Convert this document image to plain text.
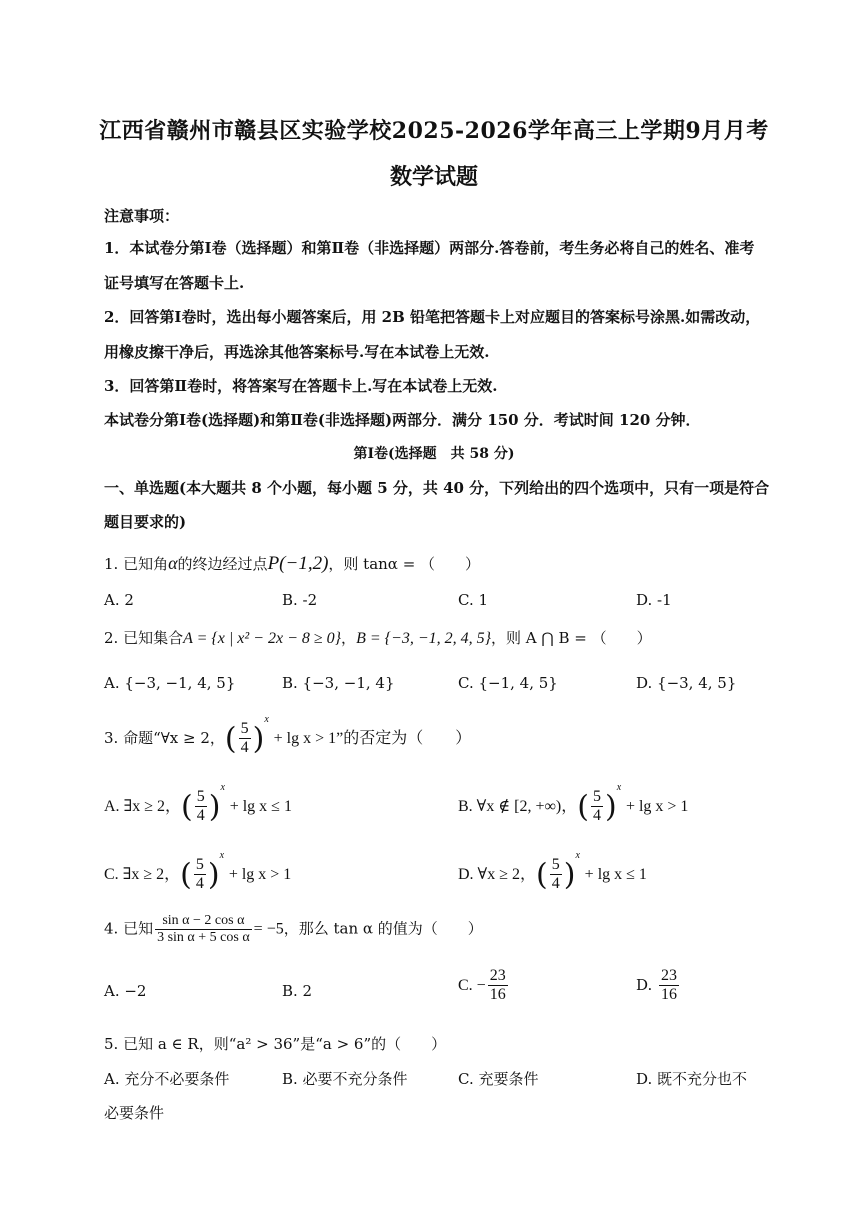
江西省赣州市赣县区实验学校2025-2026学年高三上学期9月月考
数学试题
注意事项：
1．本试卷分第Ⅰ卷（选择题）和第Ⅱ卷（非选择题）两部分.答卷前，考生务必将自己的姓名、准考
证号填写在答题卡上.
2．回答第Ⅰ卷时，选出每小题答案后，用 2B 铅笔把答题卡上对应题目的答案标号涂黑.如需改动，
用橡皮擦干净后，再选涂其他答案标号.写在本试卷上无效.
3．回答第Ⅱ卷时，将答案写在答题卡上.写在本试卷上无效.
本试卷分第Ⅰ卷(选择题)和第Ⅱ卷(非选择题)两部分．满分 150 分．考试时间 120 分钟．
第Ⅰ卷(选择题　共 58 分)
一、单选题(本大题共 8 个小题，每小题 5 分，共 40 分，下列给出的四个选项中，只有一项是符合
题目要求的)
1. 已知角α的终边经过点P(−1,2)，则 tanα = （　　）
A. 2	B. -2	C. 1	D. -1
2. 已知集合A = {x | x² − 2x − 8 ≥ 0}，B = {−3, −1, 2, 4, 5}，则 A ⋂ B = （　　）
A. {−3, −1, 4, 5}	B. {−3, −1, 4}	C. {−1, 4, 5}	D. {−3, 4, 5}
3. 命题“∀x ≥ 2，( $\frac{5}{4} )^x + \lg x > 1$”的否定为（　　）
A. ∃x ≥ 2，( $\frac{5}{4} )^x + \lg x \le 1$	B. ∀x ∉ [2, +∞)，( $\frac{5}{4} )^x + \lg x > 1$
C. ∃x ≥ 2，( $\frac{5}{4} )^x + \lg x > 1$	D. ∀x ≥ 2，( $\frac{5}{4} )^x + \lg x \le 1$
4. 已知 $\frac{\text{sin α − 2 cos α}}{\text{3 sin α + 5 cos α}} = -5$，那么 tan α 的值为（　　）
A. −2	B. 2	C. − $\frac{23}{16}$	D. $\frac{23}{16}$
5. 已知 a ∈ R，则“a² > 36”是“a > 6”的（　　）
A. 充分不必要条件	B. 必要不充分条件	C. 充要条件	D. 既不充分也不
必要条件
